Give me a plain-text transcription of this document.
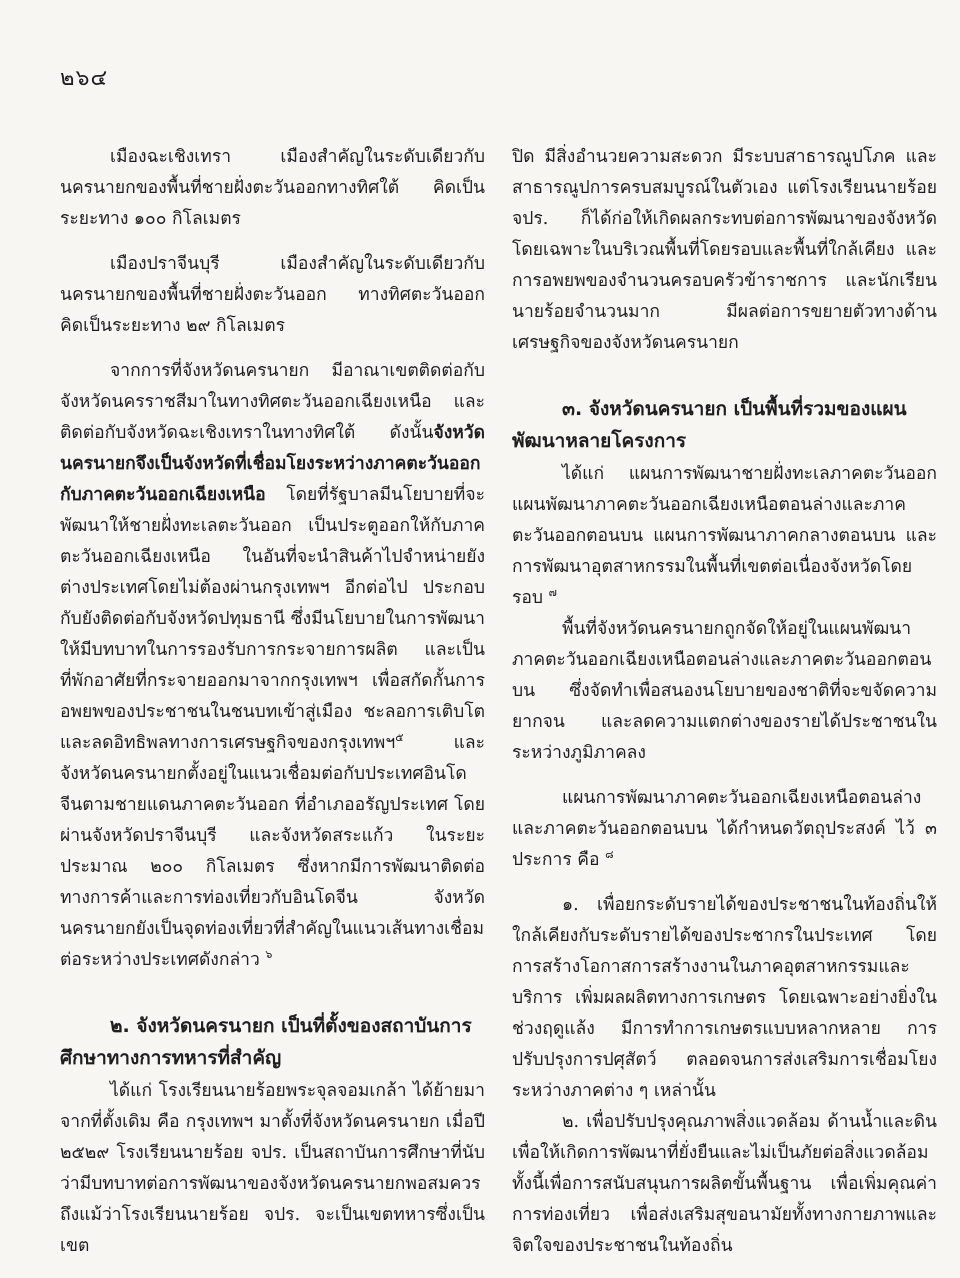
๒๖๔

เมืองฉะเชิงเทรา เมืองสำคัญในระดับเดียวกับนครนายกของพื้นที่ชายฝั่งตะวันออกทางทิศใต้ คิดเป็นระยะทาง ๑๐๐ กิโลเมตร

เมืองปราจีนบุรี เมืองสำคัญในระดับเดียวกับนครนายกของพื้นที่ชายฝั่งตะวันออก ทางทิศตะวันออก คิดเป็นระยะทาง ๒๙ กิโลเมตร

จากการที่จังหวัดนครนายก มีอาณาเขตติดต่อกับจังหวัดนครราชสีมาในทางทิศตะวันออกเฉียงเหนือ และติดต่อกับจังหวัดฉะเชิงเทราในทางทิศใต้ ดังนั้นจังหวัดนครนายกจึงเป็นจังหวัดที่เชื่อมโยงระหว่างภาคตะวันออกกับภาคตะวันออกเฉียงเหนือ โดยที่รัฐบาลมีนโยบายที่จะพัฒนาให้ชายฝั่งทะเลตะวันออก เป็นประตูออกให้กับภาคตะวันออกเฉียงเหนือ ในอันที่จะนำสินค้าไปจำหน่ายยังต่างประเทศโดยไม่ต้องผ่านกรุงเทพฯ อีกต่อไป ประกอบกับยังติดต่อกับจังหวัดปทุมธานี ซึ่งมีนโยบายในการพัฒนาให้มีบทบาทในการรองรับการกระจายการผลิต และเป็นที่พักอาศัยที่กระจายออกมาจากกรุงเทพฯ เพื่อสกัดกั้นการอพยพของประชาชนในชนบทเข้าสู่เมือง ชะลอการเติบโตและลดอิทธิพลทางการเศรษฐกิจของกรุงเทพฯ$^๕$ และจังหวัดนครนายกตั้งอยู่ในแนวเชื่อมต่อกับประเทศอินโดจีนตามชายแดนภาคตะวันออก ที่อำเภออรัญประเทศ โดยผ่านจังหวัดปราจีนบุรี และจังหวัดสระแก้ว ในระยะประมาณ ๒๐๐ กิโลเมตร ซึ่งหากมีการพัฒนาติดต่อทางการค้าและการท่องเที่ยวกับอินโดจีน จังหวัดนครนายกยังเป็นจุดท่องเที่ยวที่สำคัญในแนวเส้นทางเชื่อมต่อระหว่างประเทศดังกล่าว $^๖$

๒. จังหวัดนครนายก เป็นที่ตั้งของสถาบันการศึกษาทางการทหารที่สำคัญ

ได้แก่ โรงเรียนนายร้อยพระจุลจอมเกล้า ได้ย้ายมาจากที่ตั้งเดิม คือ กรุงเทพฯ มาตั้งที่จังหวัดนครนายก เมื่อปี ๒๕๒๙ โรงเรียนนายร้อย จปร. เป็นสถาบันการศึกษาที่นับว่ามีบทบาทต่อการพัฒนาของจังหวัดนครนายกพอสมควร ถึงแม้ว่าโรงเรียนนายร้อย จปร. จะเป็นเขตทหารซึ่งเป็นเขต

ปิด มีสิ่งอำนวยความสะดวก มีระบบสาธารณูปโภค และสาธารณูปการครบสมบูรณ์ในตัวเอง แต่โรงเรียนนายร้อย จปร. ก็ได้ก่อให้เกิดผลกระทบต่อการพัฒนาของจังหวัด โดยเฉพาะในบริเวณพื้นที่โดยรอบและพื้นที่ใกล้เคียง และการอพยพของจำนวนครอบครัวข้าราชการ และนักเรียนนายร้อยจำนวนมาก มีผลต่อการขยายตัวทางด้านเศรษฐกิจของจังหวัดนครนายก

๓. จังหวัดนครนายก เป็นพื้นที่รวมของแผนพัฒนาหลายโครงการ

ได้แก่ แผนการพัฒนาชายฝั่งทะเลภาคตะวันออก แผนพัฒนาภาคตะวันออกเฉียงเหนือตอนล่างและภาคตะวันออกตอนบน แผนการพัฒนาภาคกลางตอนบน และการพัฒนาอุตสาหกรรมในพื้นที่เขตต่อเนื่องจังหวัดโดยรอบ $^๗$

พื้นที่จังหวัดนครนายกถูกจัดให้อยู่ในแผนพัฒนาภาคตะวันออกเฉียงเหนือตอนล่างและภาคตะวันออกตอนบน ซึ่งจัดทำเพื่อสนองนโยบายของชาติที่จะขจัดความยากจน และลดความแตกต่างของรายได้ประชาชนในระหว่างภูมิภาคลง

แผนการพัฒนาภาคตะวันออกเฉียงเหนือตอนล่างและภาคตะวันออกตอนบน ได้กำหนดวัตถุประสงค์ ไว้ ๓ ประการ คือ $^๘$

๑. เพื่อยกระดับรายได้ของประชาชนในท้องถิ่นให้ใกล้เคียงกับระดับรายได้ของประชากรในประเทศ โดยการสร้างโอกาสการสร้างงานในภาคอุตสาหกรรมและบริการ เพิ่มผลผลิตทางการเกษตร โดยเฉพาะอย่างยิ่งในช่วงฤดูแล้ง มีการทำการเกษตรแบบหลากหลาย การปรับปรุงการปศุสัตว์ ตลอดจนการส่งเสริมการเชื่อมโยงระหว่างภาคต่าง ๆ เหล่านั้น

๒. เพื่อปรับปรุงคุณภาพสิ่งแวดล้อม ด้านน้ำและดิน เพื่อให้เกิดการพัฒนาที่ยั่งยืนและไม่เป็นภัยต่อสิ่งแวดล้อม ทั้งนี้เพื่อการสนับสนุนการผลิตขั้นพื้นฐาน เพื่อเพิ่มคุณค่าการท่องเที่ยว เพื่อส่งเสริมสุขอนามัยทั้งทางกายภาพและจิตใจของประชาชนในท้องถิ่น
